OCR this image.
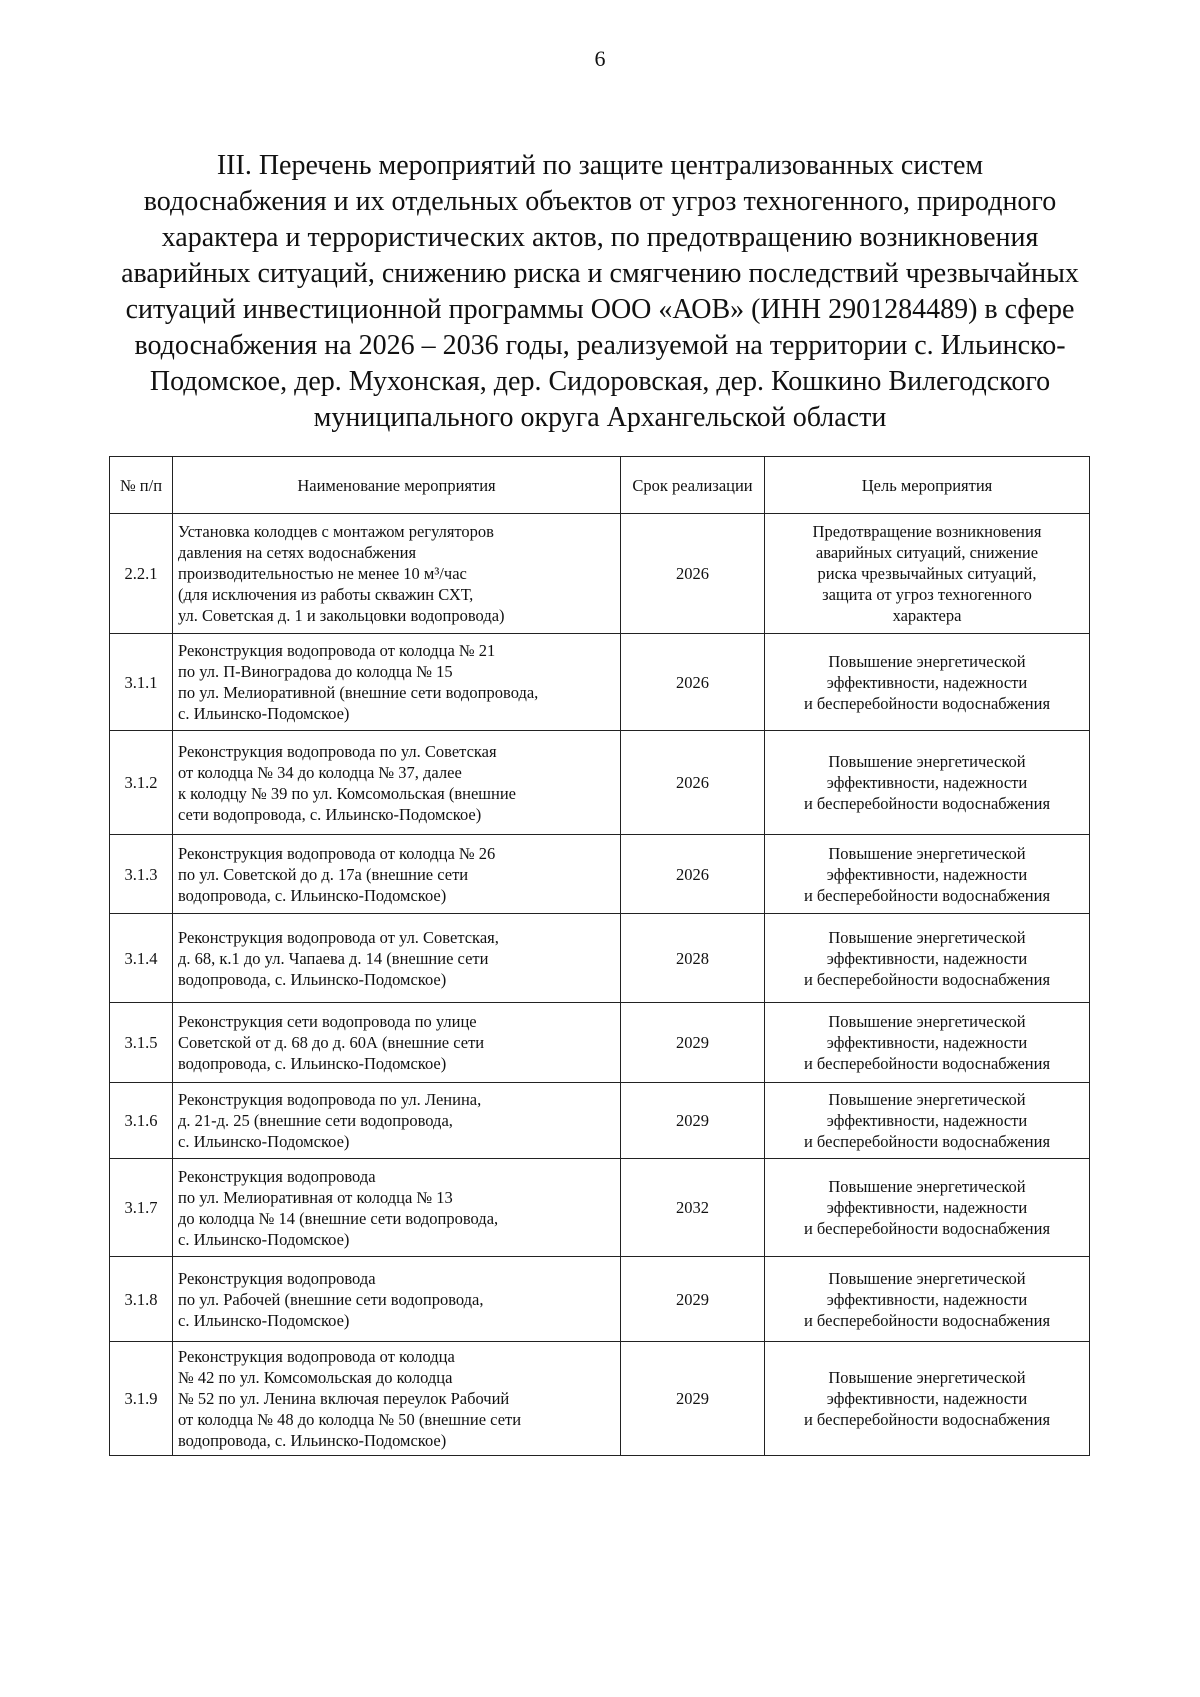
6
III. Перечень мероприятий по защите централизованных систем
водоснабжения и их отдельных объектов от угроз техногенного, природного
характера и террористических актов, по предотвращению возникновения
аварийных ситуаций, снижению риска и смягчению последствий чрезвычайных
ситуаций инвестиционной программы ООО «АОВ» (ИНН 2901284489) в сфере
водоснабжения на 2026 – 2036 годы, реализуемой на территории с. Ильинско-
Подомское, дер. Мухонская, дер. Сидоровская, дер. Кошкино Вилегодского
муниципального округа Архангельской области
№ п/п	Наименование мероприятия	Срок реализации	Цель мероприятия
2.2.1	Установка колодцев с монтажом регуляторов
давления на сетях водоснабжения
производительностью не менее 10 м³/час
(для исключения из работы скважин СХТ,
ул. Советская д. 1 и закольцовки водопровода)	2026	Предотвращение возникновения
аварийных ситуаций, снижение
риска чрезвычайных ситуаций,
защита от угроз техногенного
характера
3.1.1	Реконструкция водопровода от колодца № 21
по ул. П-Виноградова до колодца № 15
по ул. Мелиоративной (внешние сети водопровода,
с. Ильинско-Подомское)	2026	Повышение энергетической
эффективности, надежности
и бесперебойности водоснабжения
3.1.2	Реконструкция водопровода по ул. Советская
от колодца № 34 до колодца № 37, далее
к колодцу № 39 по ул. Комсомольская (внешние
сети водопровода, с. Ильинско-Подомское)	2026	Повышение энергетической
эффективности, надежности
и бесперебойности водоснабжения
3.1.3	Реконструкция водопровода от колодца № 26
по ул. Советской до д. 17а (внешние сети
водопровода, с. Ильинско-Подомское)	2026	Повышение энергетической
эффективности, надежности
и бесперебойности водоснабжения
3.1.4	Реконструкция водопровода от ул. Советская,
д. 68, к.1 до ул. Чапаева д. 14 (внешние сети
водопровода, с. Ильинско-Подомское)	2028	Повышение энергетической
эффективности, надежности
и бесперебойности водоснабжения
3.1.5	Реконструкция сети водопровода по улице
Советской от д. 68 до д. 60А (внешние сети
водопровода, с. Ильинско-Подомское)	2029	Повышение энергетической
эффективности, надежности
и бесперебойности водоснабжения
3.1.6	Реконструкция водопровода по ул. Ленина,
д. 21-д. 25 (внешние сети водопровода,
с. Ильинско-Подомское)	2029	Повышение энергетической
эффективности, надежности
и бесперебойности водоснабжения
3.1.7	Реконструкция водопровода
по ул. Мелиоративная от колодца № 13
до колодца № 14 (внешние сети водопровода,
с. Ильинско-Подомское)	2032	Повышение энергетической
эффективности, надежности
и бесперебойности водоснабжения
3.1.8	Реконструкция водопровода
по ул. Рабочей (внешние сети водопровода,
с. Ильинско-Подомское)	2029	Повышение энергетической
эффективности, надежности
и бесперебойности водоснабжения
3.1.9	Реконструкция водопровода от колодца
№ 42 по ул. Комсомольская до колодца
№ 52 по ул. Ленина включая переулок Рабочий
от колодца № 48 до колодца № 50 (внешние сети
водопровода, с. Ильинско-Подомское)	2029	Повышение энергетической
эффективности, надежности
и бесперебойности водоснабжения
